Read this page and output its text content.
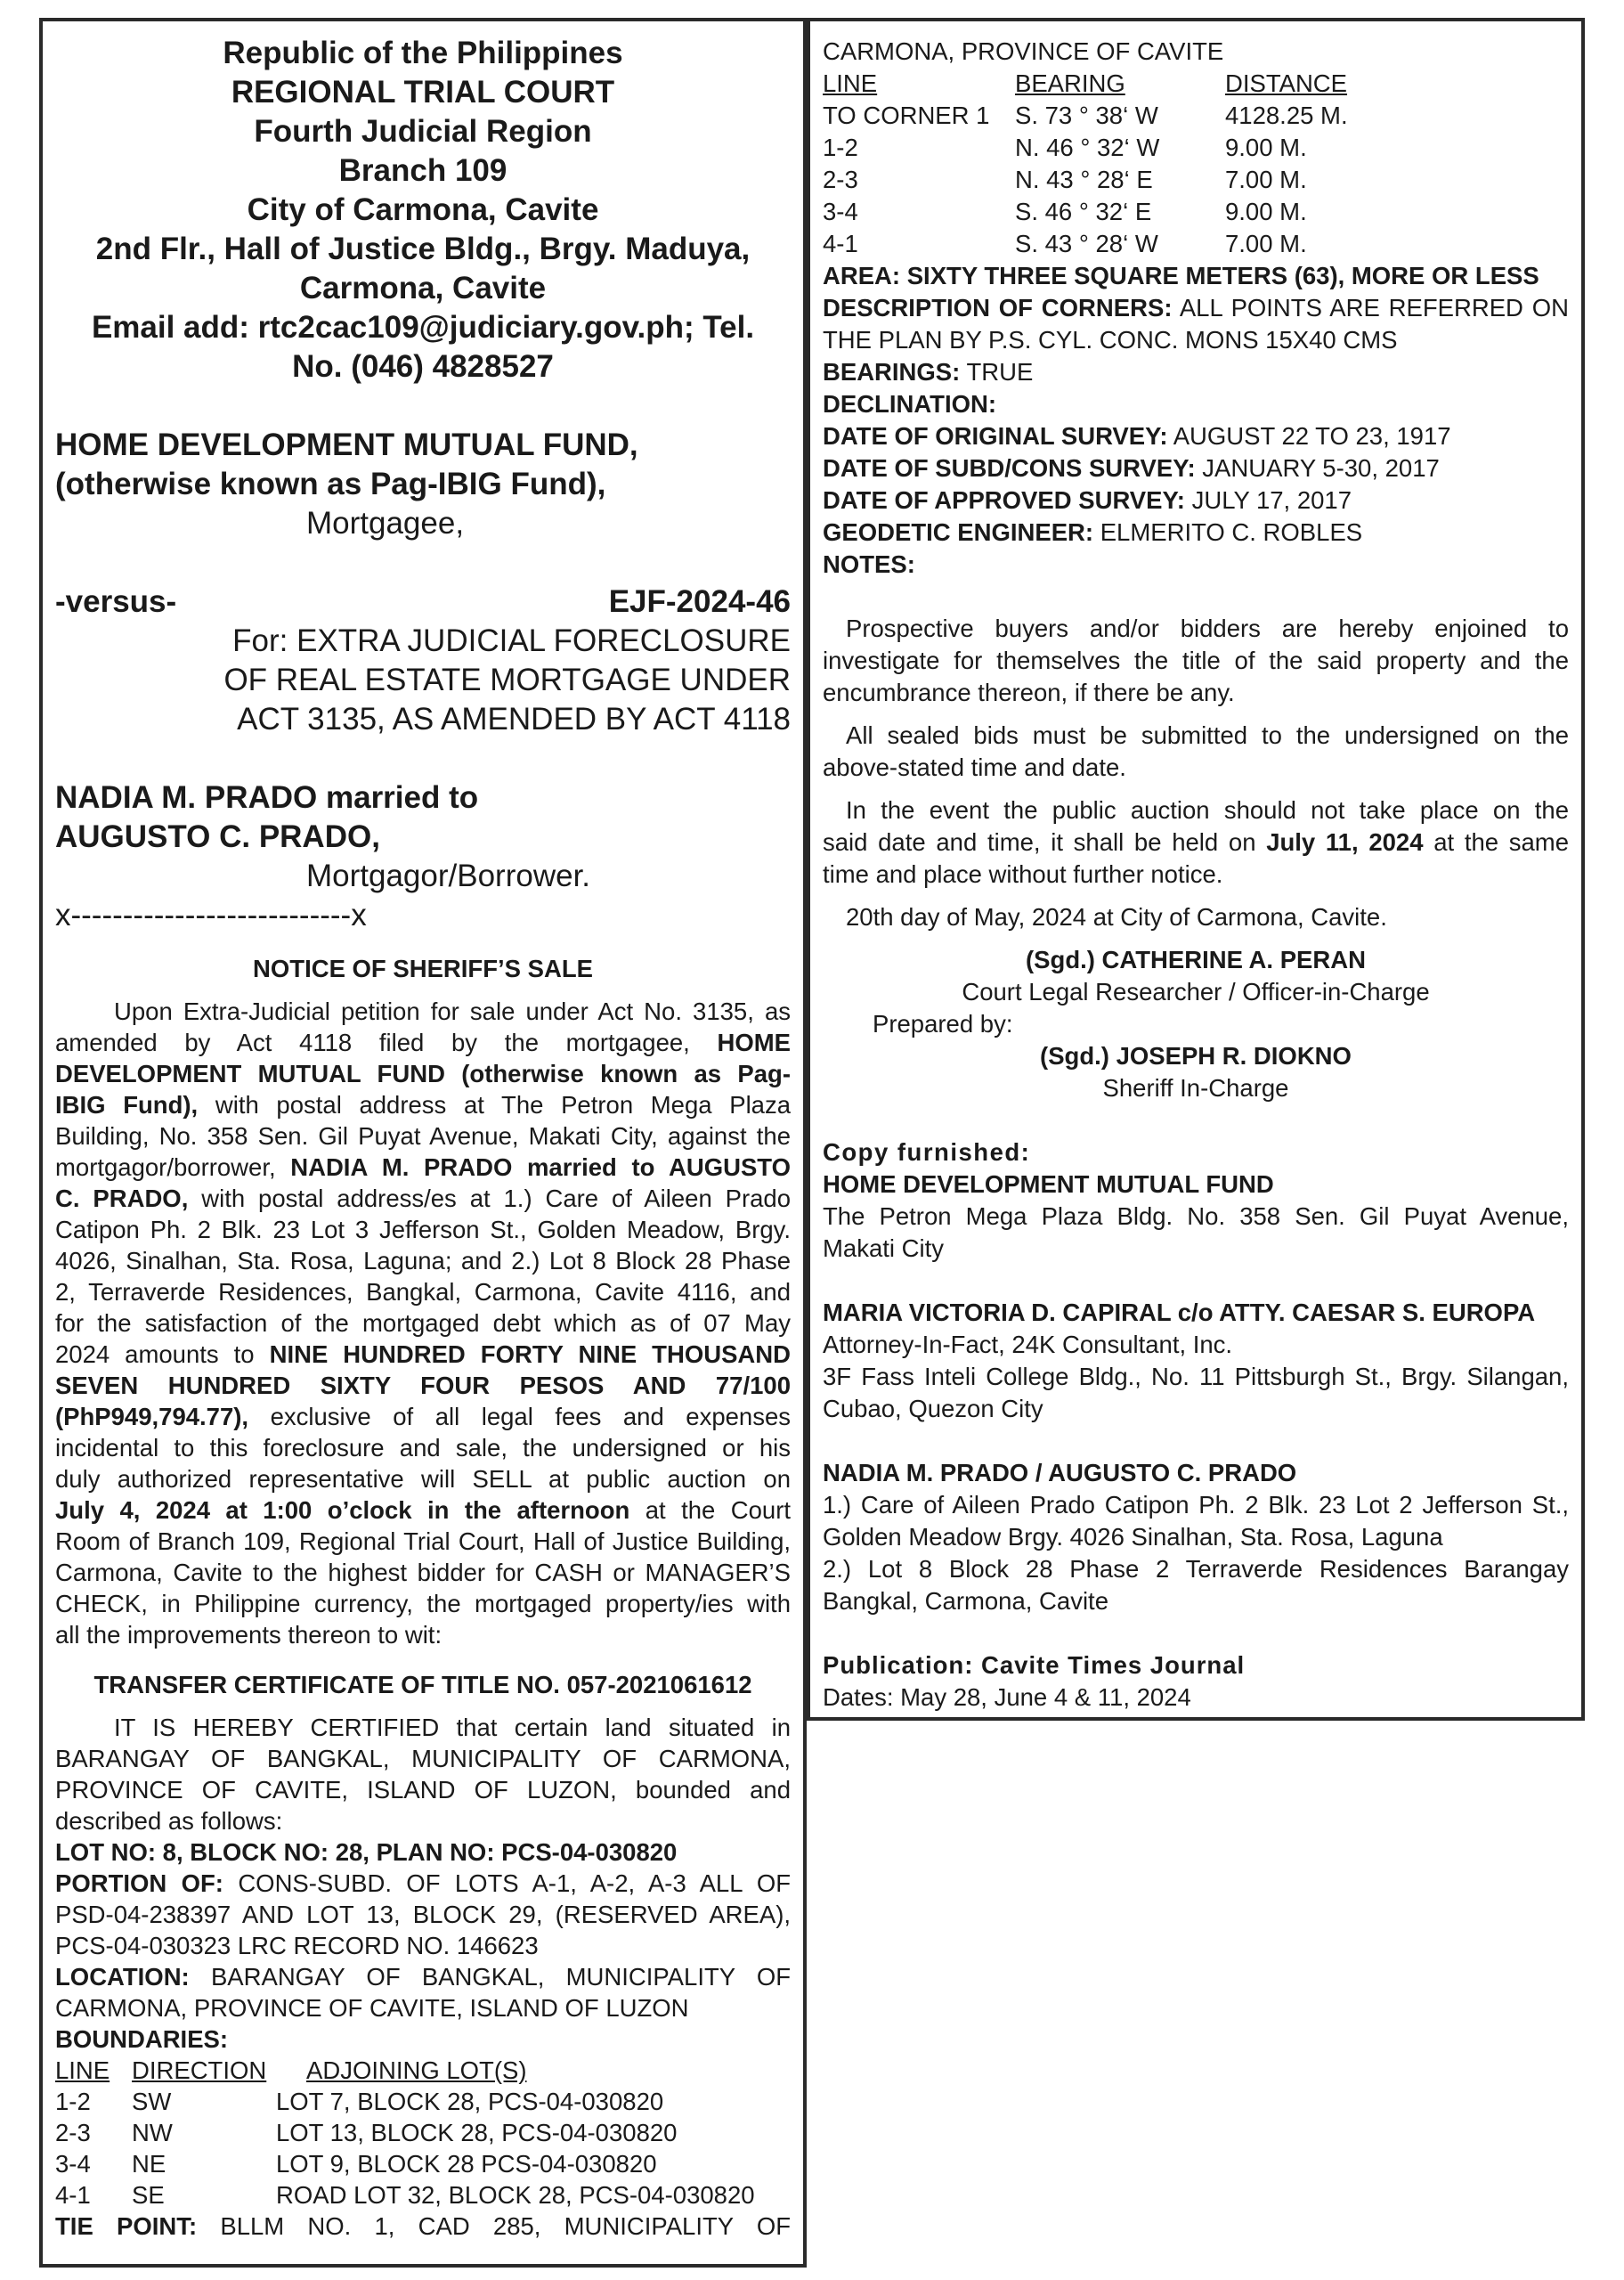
Republic of the Philippines

REGIONAL TRIAL COURT

Fourth Judicial Region

Branch 109

City of Carmona, Cavite

2nd Flr., Hall of Justice Bldg., Brgy. Maduya,

Carmona, Cavite

Email add: rtc2cac109@judiciary.gov.ph; Tel.

No. (046) 4828527

HOME DEVELOPMENT MUTUAL FUND,

(otherwise known as Pag-IBIG Fund),

Mortgagee,

-versus-	EJF-2024-46

For: EXTRA JUDICIAL FORECLOSURE

OF REAL ESTATE MORTGAGE UNDER

ACT 3135, AS AMENDED BY ACT 4118

NADIA M. PRADO married to

AUGUSTO C. PRADO,

Mortgagor/Borrower.

x---------------------------x

NOTICE OF SHERIFF’S SALE

Upon Extra-Judicial petition for sale under Act No. 3135, as

amended by Act 4118 filed by the mortgagee, HOME

DEVELOPMENT MUTUAL FUND (otherwise known as Pag-

IBIG Fund), with postal address at The Petron Mega Plaza

Building, No. 358 Sen. Gil Puyat Avenue, Makati City, against the

mortgagor/borrower, NADIA M. PRADO married to AUGUSTO

C. PRADO, with postal address/es at 1.) Care of Aileen Prado

Catipon Ph. 2 Blk. 23 Lot 3 Jefferson St., Golden Meadow, Brgy.

4026, Sinalhan, Sta. Rosa, Laguna; and 2.) Lot 8 Block 28 Phase

2, Terraverde Residences, Bangkal, Carmona, Cavite 4116, and

for the satisfaction of the mortgaged debt which as of 07 May

2024 amounts to NINE HUNDRED FORTY NINE THOUSAND

SEVEN HUNDRED SIXTY FOUR PESOS AND 77/100

(PhP949,794.77), exclusive of all legal fees and expenses

incidental to this foreclosure and sale, the undersigned or his

duly authorized representative will SELL at public auction on

July 4, 2024 at 1:00 o’clock in the afternoon at the Court

Room of Branch 109, Regional Trial Court, Hall of Justice Building,

Carmona, Cavite to the highest bidder for CASH or MANAGER’S

CHECK, in Philippine currency, the mortgaged property/ies with

all the improvements thereon to wit:

TRANSFER CERTIFICATE OF TITLE NO. 057-2021061612

IT IS HEREBY CERTIFIED that certain land situated in

BARANGAY OF BANGKAL, MUNICIPALITY OF CARMONA,

PROVINCE OF CAVITE, ISLAND OF LUZON, bounded and

described as follows:

LOT NO: 8, BLOCK NO: 28, PLAN NO: PCS-04-030820

PORTION OF: CONS-SUBD. OF LOTS A-1, A-2, A-3 ALL OF

PSD-04-238397 AND LOT 13, BLOCK 29, (RESERVED AREA),

PCS-04-030323 LRC RECORD NO. 146623

LOCATION: BARANGAY OF BANGKAL, MUNICIPALITY OF

CARMONA, PROVINCE OF CAVITE, ISLAND OF LUZON

BOUNDARIES:

LINE DIRECTION ADJOINING LOT(S)
1-2 SW	LOT 7, BLOCK 28, PCS-04-030820
2-3 NW	LOT 13, BLOCK 28, PCS-04-030820
3-4 NE	LOT 9, BLOCK 28 PCS-04-030820
4-1 SE	ROAD LOT 32, BLOCK 28, PCS-04-030820

TIE POINT: BLLM NO. 1, CAD 285, MUNICIPALITY OF

CARMONA, PROVINCE OF CAVITE

LINE	BEARING	DISTANCE
TO CORNER 1 S. 73 ° 38‘ W	4128.25 M.
1-2	N. 46 ° 32‘ W	9.00 M.
2-3	N. 43 ° 28‘ E	7.00 M.
3-4	S. 46 ° 32‘ E	9.00 M.
4-1	S. 43 ° 28‘ W	7.00 M.

AREA: SIXTY THREE SQUARE METERS (63), MORE OR LESS

DESCRIPTION OF CORNERS: ALL POINTS ARE REFERRED ON

THE PLAN BY P.S. CYL. CONC. MONS 15X40 CMS

BEARINGS: TRUE

DECLINATION:

DATE OF ORIGINAL SURVEY: AUGUST 22 TO 23, 1917

DATE OF SUBD/CONS SURVEY: JANUARY 5-30, 2017

DATE OF APPROVED SURVEY: JULY 17, 2017

GEODETIC ENGINEER: ELMERITO C. ROBLES

NOTES:

Prospective buyers and/or bidders are hereby enjoined to

investigate for themselves the title of the said property and the

encumbrance thereon, if there be any.

All sealed bids must be submitted to the undersigned on the

above-stated time and date.

In the event the public auction should not take place on the

said date and time, it shall be held on July 11, 2024 at the same

time and place without further notice.

20th day of May, 2024 at City of Carmona, Cavite.

(Sgd.) CATHERINE A. PERAN

Court Legal Researcher / Officer-in-Charge

Prepared by:

(Sgd.) JOSEPH R. DIOKNO

Sheriff In-Charge

Copy furnished:

HOME DEVELOPMENT MUTUAL FUND

The Petron Mega Plaza Bldg. No. 358 Sen. Gil Puyat Avenue,

Makati City

MARIA VICTORIA D. CAPIRAL c/o ATTY. CAESAR S. EUROPA

Attorney-In-Fact, 24K Consultant, Inc.

3F Fass Inteli College Bldg., No. 11 Pittsburgh St., Brgy. Silangan,

Cubao, Quezon City

NADIA M. PRADO / AUGUSTO C. PRADO

1.) Care of Aileen Prado Catipon Ph. 2 Blk. 23 Lot 2 Jefferson St.,

Golden Meadow Brgy. 4026 Sinalhan, Sta. Rosa, Laguna

2.) Lot 8 Block 28 Phase 2 Terraverde Residences Barangay

Bangkal, Carmona, Cavite

Publication: Cavite Times Journal

Dates: May 28, June 4 & 11, 2024
